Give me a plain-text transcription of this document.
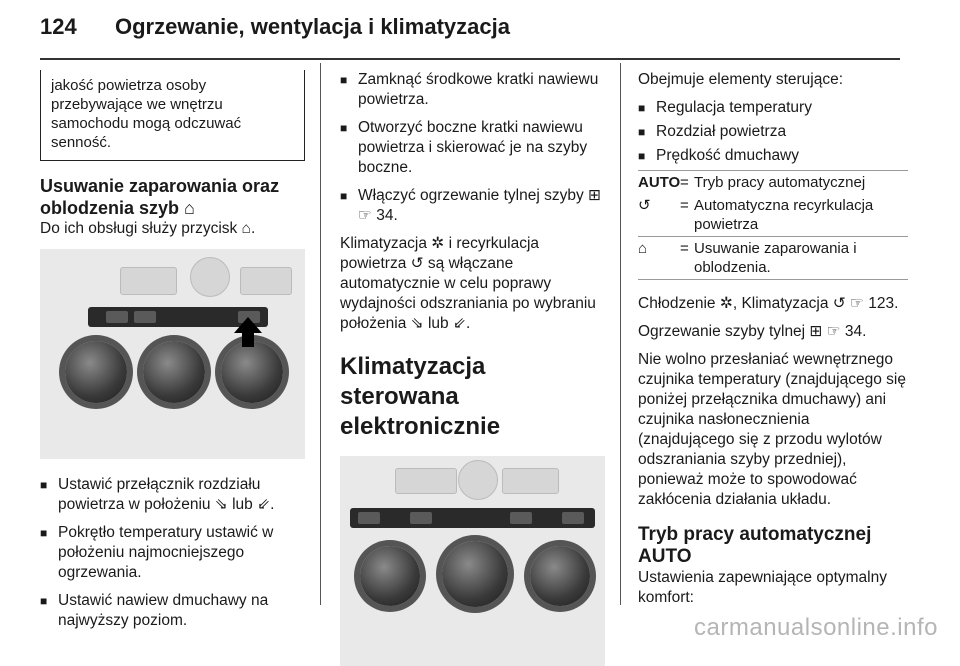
124 Ogrzewanie, wentylacja i klimatyzacja
jakość powietrza osoby przebywające we wnętrzu samochodu mogą odczuwać senność.
Usuwanie zaparowania oraz oblodzenia szyb ⌂

Do ich obsługi służy przycisk ⌂.

■ Ustawić przełącznik rozdziału powietrza w położeniu ⇘ lub ⇙.
■ Pokrętło temperatury ustawić w położeniu najmocniejszego ogrzewania.
■ Ustawić nawiew dmuchawy na najwyższy poziom.
■ Zamknąć środkowe kratki nawiewu powietrza.
■ Otworzyć boczne kratki nawiewu powietrza i skierować je na szyby boczne.
■ Włączyć ogrzewanie tylnej szyby ⊞ ☞ 34.

Klimatyzacja ✲ i recyrkulacja powietrza ↺ są włączane automatycznie w celu poprawy wydajności odszraniania po wybraniu położenia ⇘ lub ⇙.

Klimatyzacja sterowana elektronicznie

Obejmuje elementy sterujące:

■ Regulacja temperatury
■ Rozdział powietrza
■ Prędkość dmuchawy
AUTO = Tryb pracy automatycznej
↺	= Automatyczna recyrkulacja powietrza
⌂	= Usuwanie zaparowania i oblodzenia.

Chłodzenie ✲, Klimatyzacja ↺ ☞ 123.

Ogrzewanie szyby tylnej ⊞ ☞ 34.

Nie wolno przesłaniać wewnętrznego czujnika temperatury (znajdującego się poniżej przełącznika dmuchawy) ani czujnika nasłonecznienia (znajdującego się z przodu wylotów odszraniania szyby przedniej), ponieważ może to spowodować zakłócenia działania układu.

Tryb pracy automatycznej AUTO

Ustawienia zapewniające optymalny komfort:

carmanualsonline.info
